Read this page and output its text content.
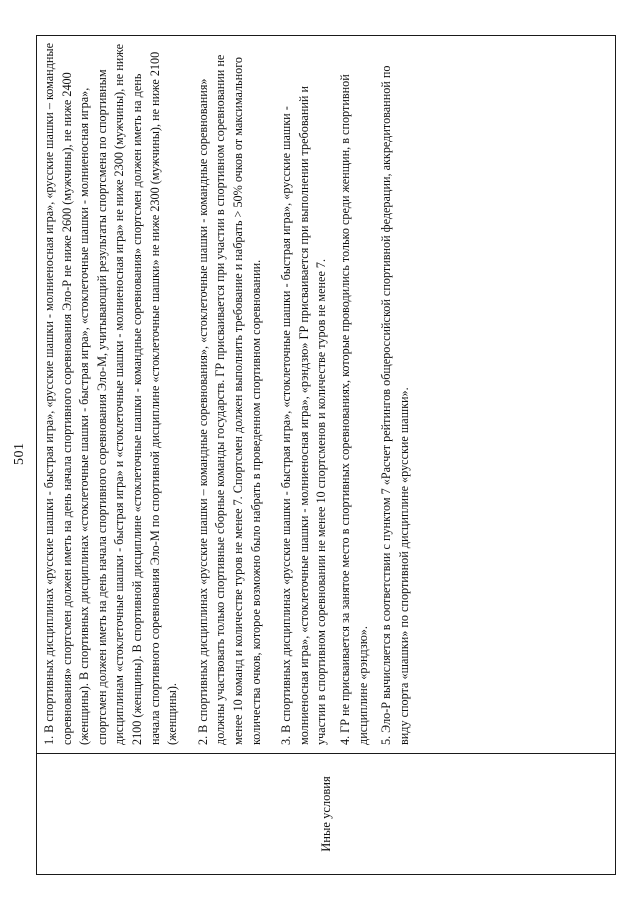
501
Иные условия	

1. В спортивных дисциплинах «русские шашки - быстрая игра», «русские шашки - молниеносная игра», «русские шашки – командные соревнования» спортсмен должен иметь на день начала спортивного соревнования Эло-Р не ниже 2600 (мужчины), не ниже 2400 (женщины). В спортивных дисциплинах «стоклеточные шашки - быстрая игра», «стоклеточные шашки - молниеносная игра», спортсмен должен иметь на день начала спортивного соревнования Эло-М, учитывающий результаты спортсмена по спортивным дисциплинам «стоклеточные шашки - быстрая игра» и «стоклеточные шашки - молниеносная игра» не ниже 2300 (мужчины), не ниже 2100 (женщины). В спортивной дисциплине «стоклеточные шашки - командные соревнования» спортсмен должен иметь на день начала спортивного соревнования Эло-М по спортивной дисциплине «стоклеточные шашки» не ниже 2300 (мужчины), не ниже 2100 (женщины). 2. В спортивных дисциплинах «русские шашки – командные соревнования», «стоклеточные шашки - командные соревнования» должны участвовать только спортивные сборные команды государств. ГР присваивается при участии в спортивном соревновании не менее 10 команд и количестве туров не менее 7. Спортсмен должен выполнить требование и набрать > 50% очков от максимального количества очков, которое возможно было набрать в проведенном спортивном соревновании. 3. В спортивных дисциплинах «русские шашки - быстрая игра», «стоклеточные шашки - быстрая игра», «русские шашки - молниеносная игра», «стоклеточные шашки - молниеносная игра», «рэндзю» ГР присваивается при выполнении требований и участии в спортивном соревновании не менее 10 спортсменов и количестве туров не менее 7. 4. ГР не присваивается за занятое место в спортивных соревнованиях, которые проводились только среди женщин, в спортивной дисциплине «рэндзю». 5. Эло-Р вычисляется в соответствии с пунктом 7 «Расчет рейтингов общероссийской спортивной федерации, аккредитованной по виду спорта «шашки» по спортивной дисциплине «русские шашки».
